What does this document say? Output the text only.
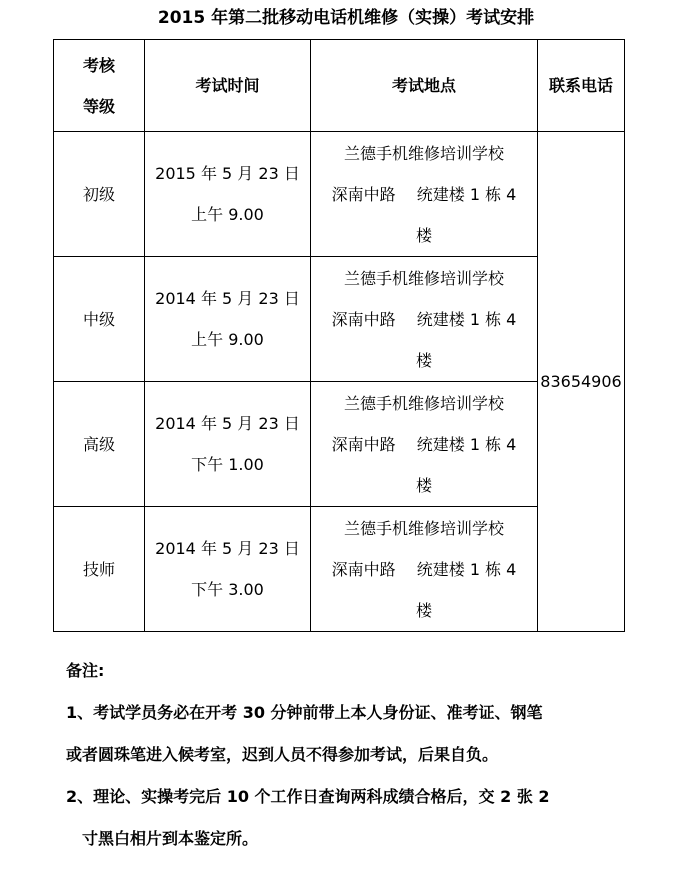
2015 年第二批移动电话机维修（实操）考试安排
考核
等级	考试时间	考试地点	联系电话
初级	2015 年 5 月 23 日
上午 9.00	兰德手机维修培训学校
深南中路　 统建楼 1 栋 4
楼	83654906
中级	2014 年 5 月 23 日
上午 9.00	兰德手机维修培训学校
深南中路　 统建楼 1 栋 4
楼	

高级	2014 年 5 月 23 日
下午 1.00	兰德手机维修培训学校
深南中路　 统建楼 1 栋 4
楼	

技师	2014 年 5 月 23 日
下午 3.00	兰德手机维修培训学校
深南中路　 统建楼 1 栋 4
楼	
备注:
1、考试学员务必在开考 30 分钟前带上本人身份证、准考证、钢笔
或者圆珠笔进入候考室，迟到人员不得参加考试，后果自负。
2、理论、实操考完后 10 个工作日查询两科成绩合格后，交 2 张 2
寸黑白相片到本鉴定所。
